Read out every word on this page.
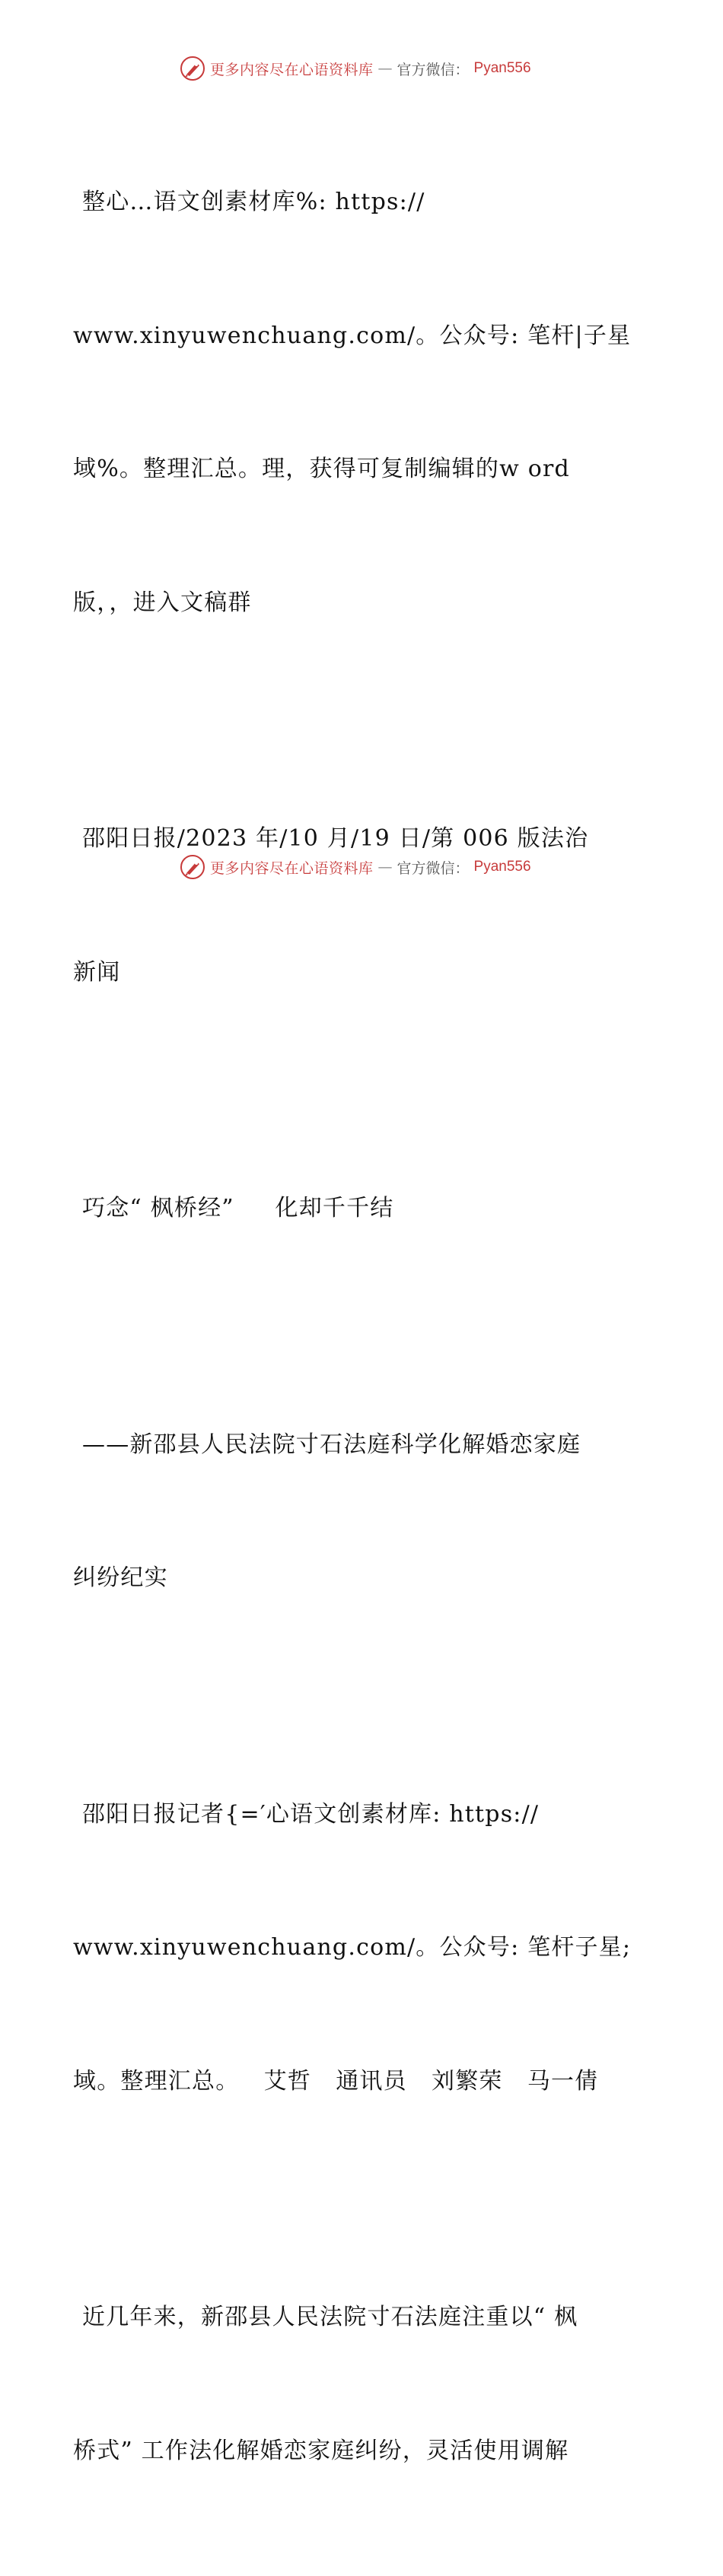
更多内容尽在心语资料库 — 官方微信： Pyan556

整心…语文创素材库%: https://

www.xinyuwenchuang.com/。公众号: 笔杆|子星

域%。整理汇总。理，获得可复制编辑的w ord

版，，进入文稿群

邵阳日报/2023 年/10 月/19 日/第 006 版法治

新闻

巧念“ 枫桥经”     化却千千结

——新邵县人民法院寸石法庭科学化解婚恋家庭

纠纷纪实

邵阳日报记者{=′心语文创素材库: https://

www.xinyuwenchuang.com/。公众号: 笔杆子星;

域。整理汇总。   艾哲   通讯员   刘繁荣   马一倩

近几年来，新邵县人民法院寸石法庭注重以“ 枫

桥式” 工作法化解婚恋家庭纠纷，灵活使用调解

更多内容尽在心语资料库 — 官方微信： Pyan556
